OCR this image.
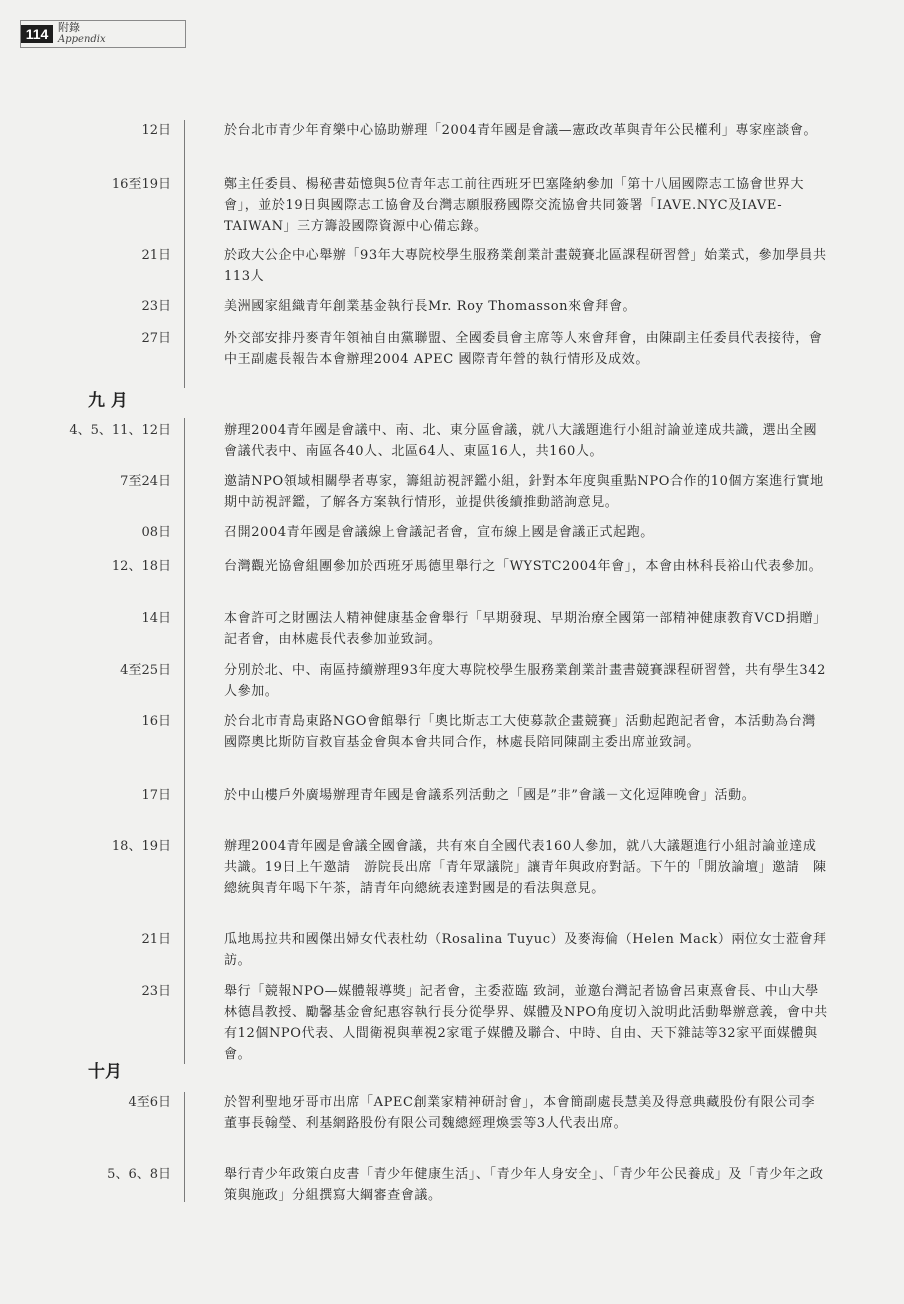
114 附錄
Appendix
九 月
十月
12日	於台北市青少年育樂中心協助辦理「2004青年國是會議—憲政改革與青年公民權利」專家座談會。
16至19日	鄭主任委員、楊秘書茹憶與5位青年志工前往西班牙巴塞隆納參加「第十八屆國際志工協會世界大會」，並於19日與國際志工協會及台灣志願服務國際交流協會共同簽署「IAVE.NYC及IAVE-TAIWAN」三方籌設國際資源中心備忘錄。
21日	於政大公企中心舉辦「93年大專院校學生服務業創業計畫競賽北區課程研習營」始業式，參加學員共113人
23日	美洲國家組織青年創業基金執行長Mr. Roy Thomasson來會拜會。
27日	外交部安排丹麥青年領袖自由黨聯盟、全國委員會主席等人來會拜會，由陳副主任委員代表接待，會中王副處長報告本會辦理2004 APEC 國際青年營的執行情形及成效。
4、5、11、12日	辦理2004青年國是會議中、南、北、東分區會議，就八大議題進行小組討論並達成共識，選出全國會議代表中、南區各40人、北區64人、東區16人，共160人。
7至24日	邀請NPO領域相關學者專家，籌組訪視評鑑小組，針對本年度與重點NPO合作的10個方案進行實地期中訪視評鑑，了解各方案執行情形，並提供後續推動諮詢意見。
08日	召開2004青年國是會議線上會議記者會，宣布線上國是會議正式起跑。
12、18日	台灣觀光協會組團參加於西班牙馬德里舉行之「WYSTC2004年會」，本會由林科長裕山代表參加。
14日	本會許可之財團法人精神健康基金會舉行「早期發現、早期治療全國第一部精神健康教育VCD捐贈」記者會，由林處長代表參加並致詞。
4至25日	分別於北、中、南區持續辦理93年度大專院校學生服務業創業計畫書競賽課程研習營，共有學生342人參加。
16日	於台北市青島東路NGO會館舉行「奧比斯志工大使募款企畫競賽」活動起跑記者會，本活動為台灣國際奧比斯防盲救盲基金會與本會共同合作，林處長陪同陳副主委出席並致詞。
17日	於中山樓戶外廣場辦理青年國是會議系列活動之「國是”非”會議－文化逗陣晚會」活動。
18、19日	辦理2004青年國是會議全國會議，共有來自全國代表160人參加，就八大議題進行小組討論並達成共識。19日上午邀請　游院長出席「青年眾議院」讓青年與政府對話。下午的「開放論壇」邀請　陳總統與青年喝下午茶，請青年向總統表達對國是的看法與意見。
21日	瓜地馬拉共和國傑出婦女代表杜幼（Rosalina Tuyuc）及麥海倫（Helen Mack）兩位女士蒞會拜訪。
23日	舉行「競報NPO—媒體報導獎」記者會，主委蒞臨 致詞，並邀台灣記者協會呂東熹會長、中山大學林德昌教授、勵馨基金會紀惠容執行長分從學界、媒體及NPO角度切入說明此活動舉辦意義，會中共有12個NPO代表、人間衛視與華視2家電子媒體及聯合、中時、自由、天下雜誌等32家平面媒體與會。
4至6日	於智利聖地牙哥市出席「APEC創業家精神研討會」，本會簡副處長慧美及得意典藏股份有限公司李董事長翰瑩、利基網路股份有限公司魏總經理煥雲等3人代表出席。
5、6、8日	舉行青少年政策白皮書「青少年健康生活」、「青少年人身安全」、「青少年公民養成」及「青少年之政策與施政」分組撰寫大綱審查會議。
